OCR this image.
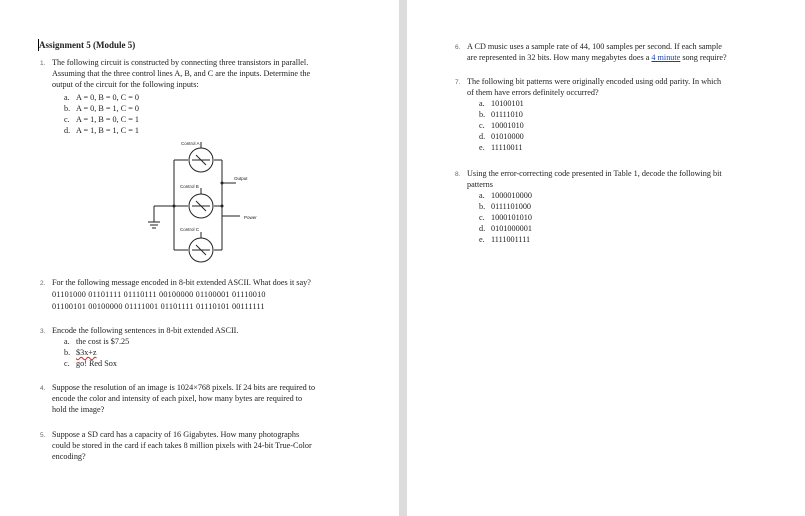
Assignment 5 (Module 5)
1. The following circuit is constructed by connecting three transistors in parallel.
Assuming that the three control lines A, B, and C are the inputs. Determine the
output of the circuit for the following inputs:
a. A = 0, B = 0, C = 0
b. A = 0, B = 1, C = 0
c. A = 1, B = 0, C = 1
d. A = 1, B = 1, C = 1
Control A
Control B
Control C
Output
Power
2. For the following message encoded in 8-bit extended ASCII. What does it say?
01101000 01101111 01110111 00100000 01100001 01110010
01100101 00100000 01111001 01101111 01110101 00111111
3. Encode the following sentences in 8-bit extended ASCII.
a. the cost is $7.25
b. $3x+z
c. go! Red Sox
4. Suppose the resolution of an image is 1024×768 pixels. If 24 bits are required to
encode the color and intensity of each pixel, how many bytes are required to
hold the image?
5. Suppose a SD card has a capacity of 16 Gigabytes. How many photographs
could be stored in the card if each takes 8 million pixels with 24-bit True-Color
encoding?
6. A CD music uses a sample rate of 44, 100 samples per second. If each sample
are represented in 32 bits. How many megabytes does a 4 minute song require?
7. The following bit patterns were originally encoded using odd parity. In which
of them have errors definitely occurred?
a. 10100101
b. 01111010
c. 10001010
d. 01010000
e. 11110011
8. Using the error-correcting code presented in Table 1, decode the following bit
patterns
a. 1000010000
b. 0111101000
c. 1000101010
d. 0101000001
e. 1111001111
